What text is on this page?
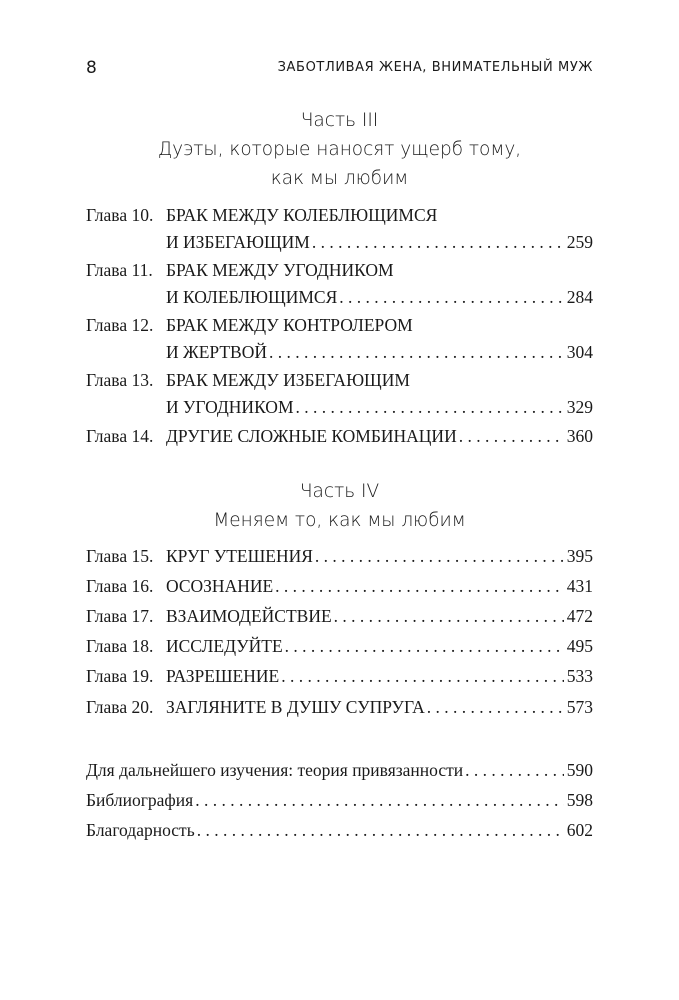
8	ЗАБОТЛИВАЯ ЖЕНА, ВНИМАТЕЛЬНЫЙ МУЖ
Часть III
Дуэты, которые наносят ущерб тому,
как мы любим
Глава 10. БРАК МЕЖДУ КОЛЕБЛЮЩИМСЯ
И ИЗБЕГАЮЩИМ . . .	259
Глава 11. БРАК МЕЖДУ УГОДНИКОМ
И КОЛЕБЛЮЩИМСЯ . . .	284
Глава 12. БРАК МЕЖДУ КОНТРОЛЕРОМ
И ЖЕРТВОЙ . . .	304
Глава 13. БРАК МЕЖДУ ИЗБЕГАЮЩИМ
И УГОДНИКОМ . . .	329
Глава 14. ДРУГИЕ СЛОЖНЫЕ КОМБИНАЦИИ . . .	360
Часть IV
Меняем то, как мы любим
Глава 15. КРУГ УТЕШЕНИЯ . . .	395
Глава 16. ОСОЗНАНИЕ . . .	431
Глава 17. ВЗАИМОДЕЙСТВИЕ . . .	472
Глава 18. ИССЛЕДУЙТЕ . . .	495
Глава 19. РАЗРЕШЕНИЕ . . .	533
Глава 20. ЗАГЛЯНИТЕ В ДУШУ СУПРУГА . . .	573
Для дальнейшего изучения: теория привязанности . . .	590
Библиография . . .	598
Благодарность . . .	602
